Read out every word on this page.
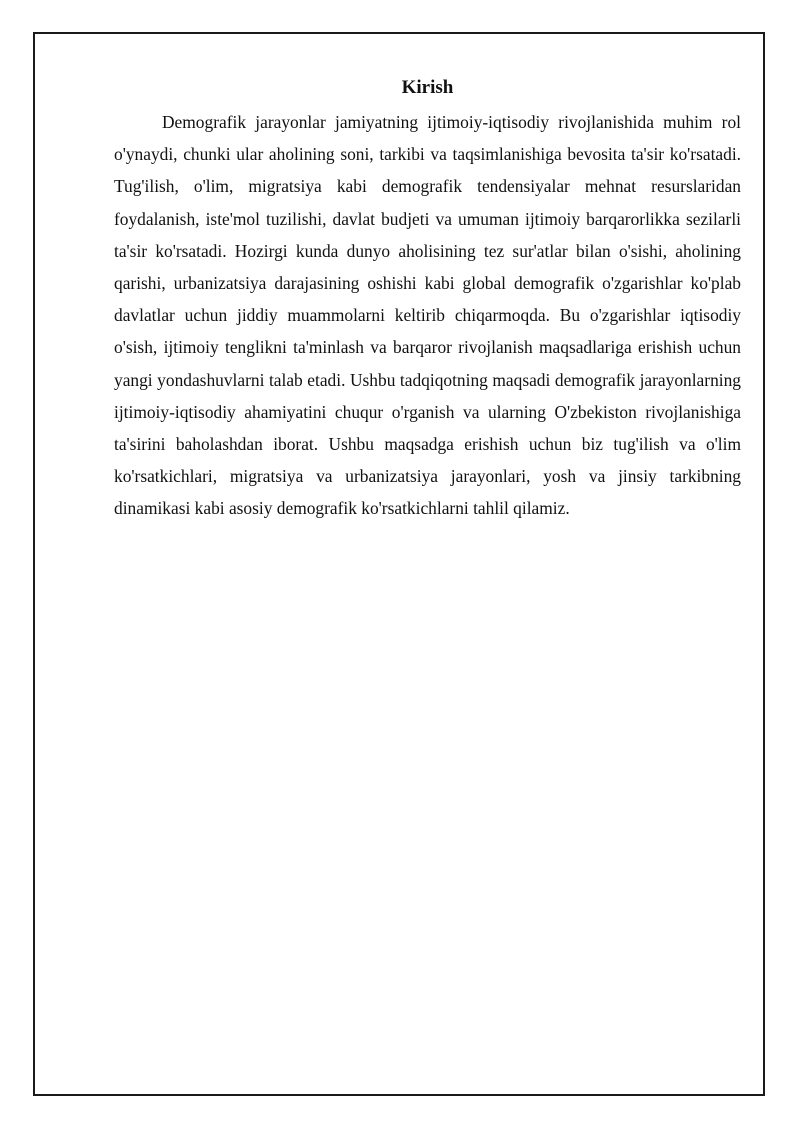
Kirish

Demografik jarayonlar jamiyatning ijtimoiy-iqtisodiy rivojlanishida muhim rol o'ynaydi, chunki ular aholining soni, tarkibi va taqsimlanishiga bevosita ta'sir ko'rsatadi. Tug'ilish, o'lim, migratsiya kabi demografik tendensiyalar mehnat resurslaridan foydalanish, iste'mol tuzilishi, davlat budjeti va umuman ijtimoiy barqarorlikka sezilarli ta'sir ko'rsatadi. Hozirgi kunda dunyo aholisining tez sur'atlar bilan o'sishi, aholining qarishi, urbanizatsiya darajasining oshishi kabi global demografik o'zgarishlar ko'plab davlatlar uchun jiddiy muammolarni keltirib chiqarmoqda. Bu o'zgarishlar iqtisodiy o'sish, ijtimoiy tenglikni ta'minlash va barqaror rivojlanish maqsadlariga erishish uchun yangi yondashuvlarni talab etadi. Ushbu tadqiqotning maqsadi demografik jarayonlarning ijtimoiy-iqtisodiy ahamiyatini chuqur o'rganish va ularning O'zbekiston rivojlanishiga ta'sirini baholashdan iborat. Ushbu maqsadga erishish uchun biz tug'ilish va o'lim ko'rsatkichlari, migratsiya va urbanizatsiya jarayonlari, yosh va jinsiy tarkibning dinamikasi kabi asosiy demografik ko'rsatkichlarni tahlil qilamiz.
